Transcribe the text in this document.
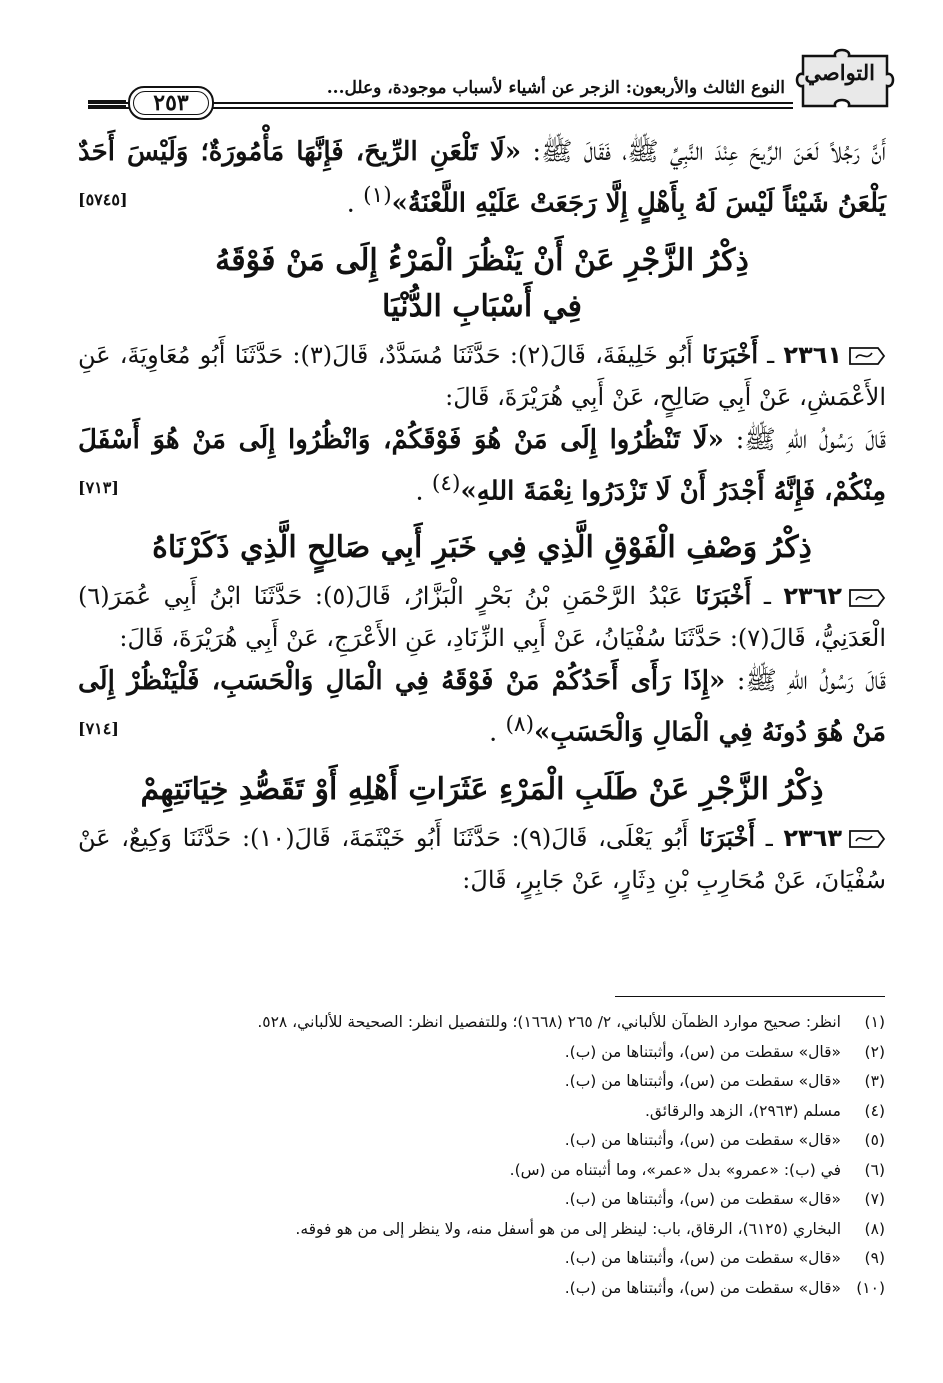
التواصي
النوع الثالث والأربعون: الزجر عن أشياء لأسباب موجودة، وعلل...
٢٥٣

أَنَّ رَجُلاً لَعَنَ الرِّيحَ عِنْدَ النَّبِيِّ ﷺ، فَقَالَ ﷺ: «لَا تَلْعَنِ الرِّيحَ، فَإِنَّهَا مَأْمُورَةٌ؛ وَلَيْسَ أَحَدٌ يَلْعَنُ شَيْئاً لَيْسَ لَهُ بِأَهْلٍ إِلَّا رَجَعَتْ عَلَيْهِ اللَّعْنَةُ»$^{(١)}$ .
[٥٧٤٥]

ذِكْرُ الزَّجْرِ عَنْ أَنْ يَنْظُرَ الْمَرْءُ إِلَى مَنْ فَوْقَهُ
فِي أَسْبَابِ الدُّنْيَا

٢٣٦١ ـ أَخْبَرَنَا أَبُو خَلِيفَةَ، قَالَ(٢): حَدَّثَنَا مُسَدَّدٌ، قَالَ(٣): حَدَّثَنَا أَبُو مُعَاوِيَةَ، عَنِ الأَعْمَشِ، عَنْ أَبِي صَالِحٍ، عَنْ أَبِي هُرَيْرَةَ، قَالَ:

قَالَ رَسُولُ اللهِ ﷺ: «لَا تَنْظُرُوا إِلَى مَنْ هُوَ فَوْقَكُمْ، وَانْظُرُوا إِلَى مَنْ هُوَ أَسْفَلَ مِنْكُمْ، فَإِنَّهُ أَجْدَرُ أَنْ لَا تَزْدَرُوا نِعْمَةَ اللهِ»$^{(٤)}$ .
[٧١٣]

ذِكْرُ وَصْفِ الْفَوْقِ الَّذِي فِي خَبَرِ أَبِي صَالِحٍ الَّذِي ذَكَرْنَاهُ

٢٣٦٢ ـ أَخْبَرَنَا عَبْدُ الرَّحْمَنِ بْنُ بَحْرٍ الْبَزَّارُ، قَالَ(٥): حَدَّثَنَا ابْنُ أَبِي عُمَرَ(٦) الْعَدَنِيُّ، قَالَ(٧): حَدَّثَنَا سُفْيَانُ، عَنْ أَبِي الزِّنَادِ، عَنِ الأَعْرَجِ، عَنْ أَبِي هُرَيْرَةَ، قَالَ:

قَالَ رَسُولُ اللهِ ﷺ: «إِذَا رَأَى أَحَدُكُمْ مَنْ فَوْقَهُ فِي الْمَالِ وَالْحَسَبِ، فَلْيَنْظُرْ إِلَى مَنْ هُوَ دُونَهُ فِي الْمَالِ وَالْحَسَبِ»$^{(٨)}$ .
[٧١٤]

ذِكْرُ الزَّجْرِ عَنْ طَلَبِ الْمَرْءِ عَثَرَاتِ أَهْلِهِ أَوْ تَقَصُّدِ خِيَانَتِهِمْ

٢٣٦٣ ـ أَخْبَرَنَا أَبُو يَعْلَى، قَالَ(٩): حَدَّثَنَا أَبُو خَيْثَمَةَ، قَالَ(١٠): حَدَّثَنَا وَكِيعٌ، عَنْ سُفْيَانَ، عَنْ مُحَارِبِ بْنِ دِثَارٍ، عَنْ جَابِرٍ، قَالَ:

(١)انظر: صحيح موارد الظمآن للألباني، ٢/ ٢٦٥ (١٦٦٨)؛ وللتفصيل انظر: الصحيحة للألباني، ٥٢٨.
(٢)«قال» سقطت من (س)، وأثبتناها من (ب).
(٣)«قال» سقطت من (س)، وأثبتناها من (ب).
(٤)مسلم (٢٩٦٣)، الزهد والرقائق.
(٥)«قال» سقطت من (س)، وأثبتناها من (ب).
(٦)في (ب): «عمرو» بدل «عمر»، وما أثبتناه من (س).
(٧)«قال» سقطت من (س)، وأثبتناها من (ب).
(٨)البخاري (٦١٢٥)، الرقاق، باب: لينظر إلى من هو أسفل منه، ولا ينظر إلى من هو فوقه.
(٩)«قال» سقطت من (س)، وأثبتناها من (ب).
(١٠)«قال» سقطت من (س)، وأثبتناها من (ب).
